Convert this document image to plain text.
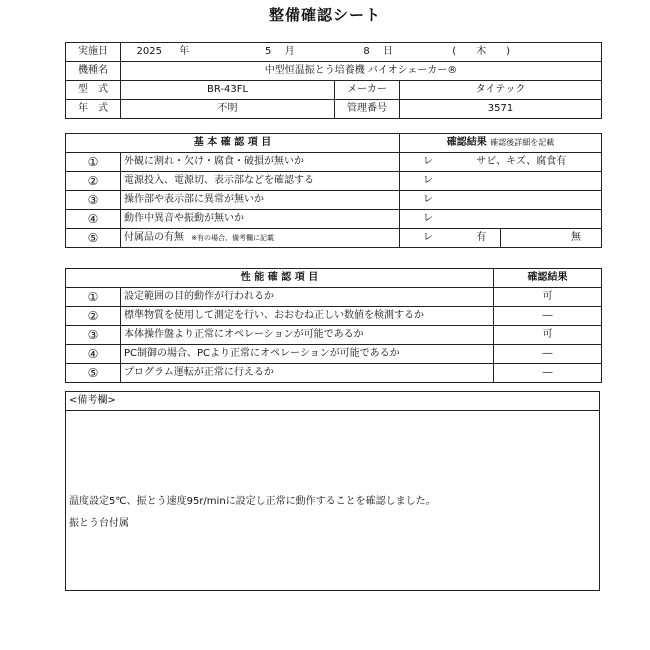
整備確認シート
実施日	2025 年 5 月 8 日 (　　木　　)		
機種名	中型恒温振とう培養機 バイオシェーカー®		
型　式	BR-43FL	メーカー	タイテック
年　式	不明	管理番号	3571
基 本 確 認 項 目		確認結果 確認後詳細を記載	
①	外観に割れ・欠け・腐食・破損が無いか	レ サビ、キズ、腐食有	
②	電源投入、電源切、表示部などを確認する	レ	
③	操作部や表示部に異常が無いか	レ	
④	動作中異音や振動が無いか	レ	
⑤	付属品の有無 ※有の場合、備考欄に記載	レ 有	無
性 能 確 認 項 目		確認結果
①	設定範囲の目的動作が行われるか	可
②	標準物質を使用して測定を行い、おおむね正しい数値を検測するか	―
③	本体操作盤より正常にオペレーションが可能であるか	可
④	PC制御の場合、PCより正常にオペレーションが可能であるか	―
⑤	プログラム運転が正常に行えるか	―
<備考欄>
温度設定5℃、振とう速度95r/minに設定し正常に動作することを確認しました。
振とう台付属
